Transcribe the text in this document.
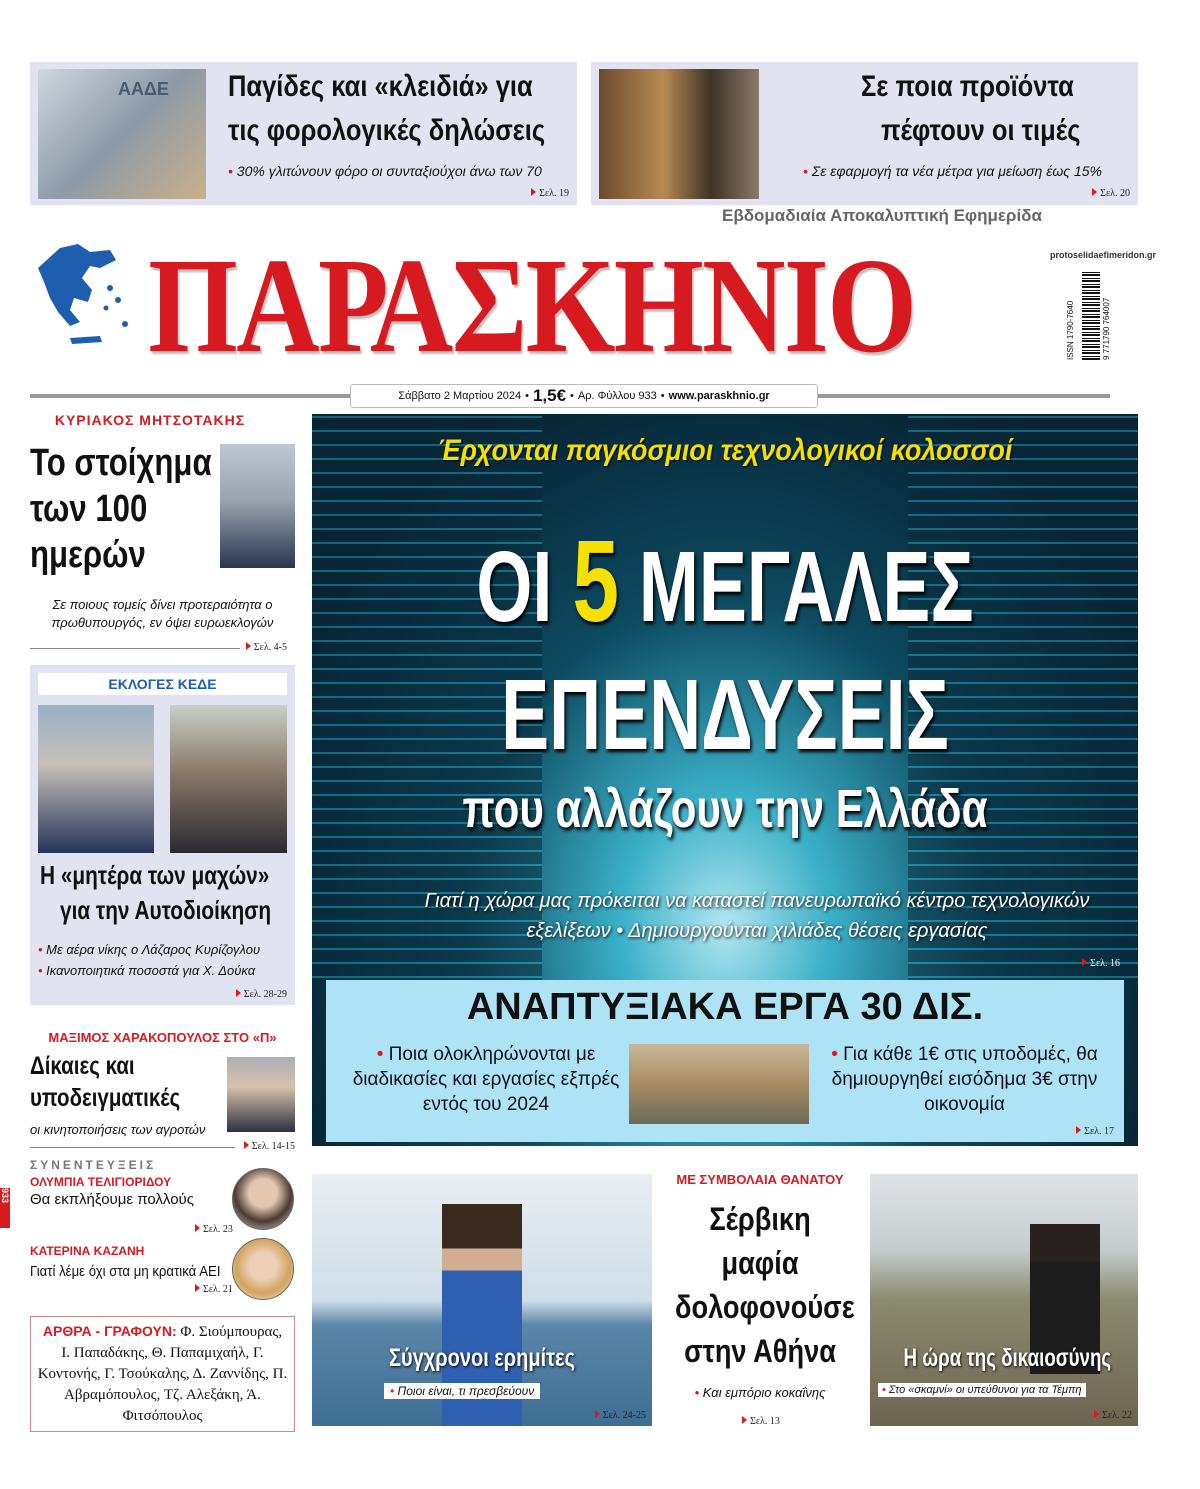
ΑΑΔΕ Παγίδες και «κλειδιά» για
τις φορολογικές δηλώσεις
• 30% γλιτώνουν φόρο οι συνταξιούχοι άνω των 70
Σελ. 19
Σε ποια προϊόντα
πέφτουν οι τιμές
• Σε εφαρμογή τα νέα μέτρα για μείωση έως 15%
Σελ. 20
ΠΑΡΑΣΚΗΝΙΟ
Εβδομαδιαία Αποκαλυπτική Εφημερίδα
protoselidaefimeridon.gr
ISSN 1790-7640	9 771790 764007
Σάββατο 2 Μαρτίου 2024 • 1,5€ • Αρ. Φύλλου 933 • www.paraskhnio.gr
933
ΚΥΡΙΑΚΟΣ ΜΗΤΣΟΤΑΚΗΣ
Το στοίχημα
των 100
ημερών
Σε ποιους τομείς δίνει προτεραιότητα ο πρωθυπουργός, εν όψει ευρωεκλογών
Σελ. 4-5
ΕΚΛΟΓΕΣ ΚΕΔΕ
Η «μητέρα των μαχών»
για την Αυτοδιοίκηση
• Με αέρα νίκης ο Λάζαρος Κυρίζογλου
• Ικανοποιητικά ποσοστά για Χ. Δούκα
Σελ. 28-29
ΜΑΞΙΜΟΣ ΧΑΡΑΚΟΠΟΥΛΟΣ ΣΤΟ «Π»
Δίκαιες και
υποδειγματικές
οι κινητοποιήσεις των αγροτών
Σελ. 14-15
ΣΥΝΕΝΤΕΥΞΕΙΣ
ΟΛΥΜΠΙΑ ΤΕΛΙΓΙΟΡΙΔΟΥ
Θα εκπλήξουμε πολλούς
Σελ. 23
ΚΑΤΕΡΙΝΑ ΚΑΖΑΝΗ
Γιατί λέμε όχι στα μη κρατικά ΑΕΙ
Σελ. 21
ΑΡΘΡΑ - ΓΡΑΦΟΥΝ: Φ. Σιούμπουρας, Ι. Παπαδάκης, Θ. Παπαμιχαήλ, Γ. Κοντονής, Γ. Τσούκαλης, Δ. Ζαννίδης, Π. Αβραμόπουλος, Τζ. Αλεξάκη, Ά. Φιτσόπουλος
Έρχονται παγκόσμιοι τεχνολογικοί κολοσσοί
ΟΙ 5 ΜΕΓΑΛΕΣ
ΕΠΕΝΔΥΣΕΙΣ
που αλλάζουν την Ελλάδα
Γιατί η χώρα μας πρόκειται να καταστεί πανευρωπαϊκό κέντρο τεχνολογικών εξελίξεων • Δημιουργούνται χιλιάδες θέσεις εργασίας
Σελ. 16
ΑΝΑΠΤΥΞΙΑΚΑ ΕΡΓΑ 30 ΔΙΣ.
• Ποια ολοκληρώνονται με διαδικασίες και εργασίες εξπρές εντός του 2024
• Για κάθε 1€ στις υποδομές, θα δημιουργηθεί εισόδημα 3€ στην οικονομία
Σελ. 17
Σύγχρονοι ερημίτες
• Ποιοι είναι, τι πρεσβεύουν
Σελ. 24-25
ΜΕ ΣΥΜΒΟΛΑΙΑ ΘΑΝΑΤΟΥ
Σέρβικη
μαφία
δολοφονούσε
στην Αθήνα
• Και εμπόριο κοκαΐνης
Σελ. 13
Η ώρα της δικαιοσύνης
• Στο «σκαμνί» οι υπεύθυνοι για τα Τέμπη
Σελ. 22
